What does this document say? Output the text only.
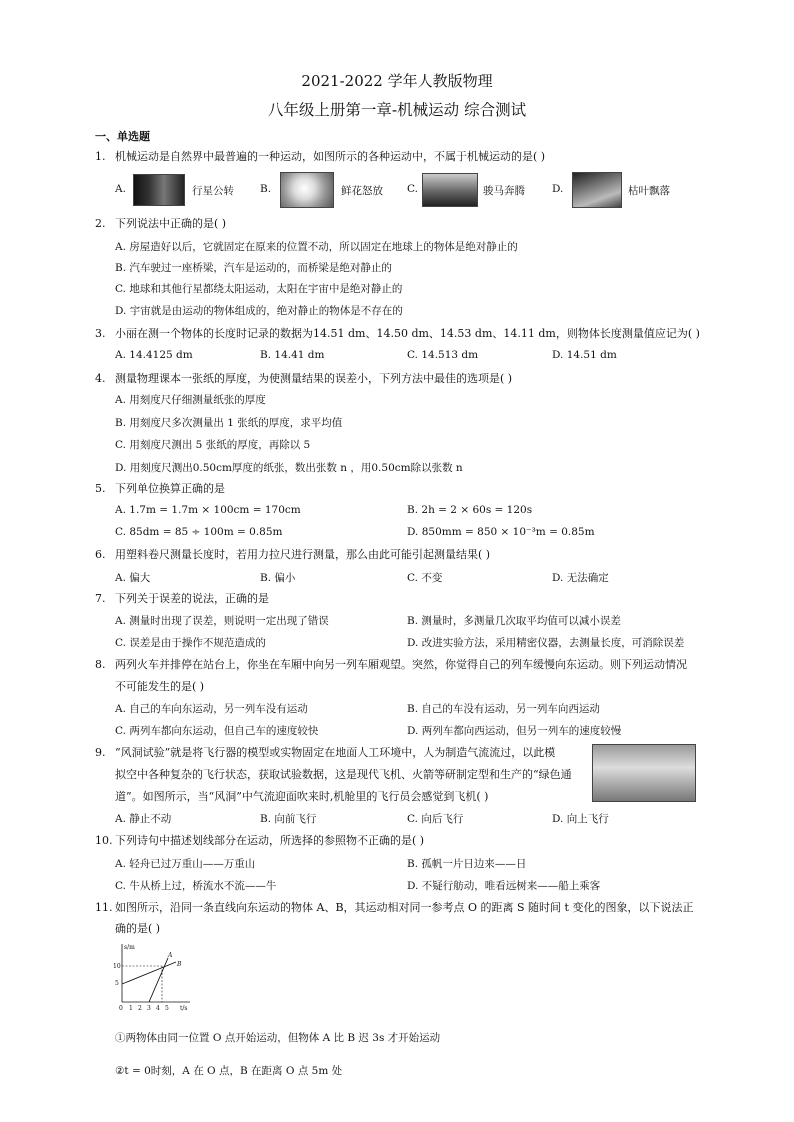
2021-2022 学年人教版物理
八年级上册第一章-机械运动 综合测试
一、单选题
1. 机械运动是自然界中最普遍的一种运动，如图所示的各种运动中，不属于机械运动的是( )
A.	行星公转 B.	鲜花怒放 C.	骏马奔腾	D.	枯叶飘落
2. 下列说法中正确的是( )
A. 房屋造好以后，它就固定在原来的位置不动，所以固定在地球上的物体是绝对静止的
B. 汽车驶过一座桥梁，汽车是运动的，而桥梁是绝对静止的
C. 地球和其他行星都绕太阳运动，太阳在宇宙中是绝对静止的
D. 宇宙就是由运动的物体组成的，绝对静止的物体是不存在的
3. 小丽在测一个物体的长度时记录的数据为14.51 dm、14.50 dm、14.53 dm、14.11 dm，则物体长度测量值应记为( )
A. 14.4125 dm	B. 14.41 dm	C. 14.513 dm	D. 14.51 dm
4. 测量物理课本一张纸的厚度，为使测量结果的误差小，下列方法中最佳的选项是( )
A. 用刻度尺仔细测量纸张的厚度
B. 用刻度尺多次测量出 1 张纸的厚度，求平均值
C. 用刻度尺测出 5 张纸的厚度，再除以 5
D. 用刻度尺测出0.50cm厚度的纸张，数出张数 n ，用0.50cm除以张数 n
5. 下列单位换算正确的是
A. 1.7m = 1.7m × 100cm = 170cm	B. 2h = 2 × 60s = 120s
C. 85dm = 85 ÷ 100m = 0.85m	D. 850mm = 850 × 10⁻³m = 0.85m
6. 用塑料卷尺测量长度时，若用力拉尺进行测量，那么由此可能引起测量结果( )
A. 偏大	B. 偏小	C. 不变	D. 无法确定
7. 下列关于误差的说法，正确的是
A. 测量时出现了误差，则说明一定出现了错误	B. 测量时，多测量几次取平均值可以减小误差
C. 误差是由于操作不规范造成的	D. 改进实验方法，采用精密仪器，去测量长度，可消除误差
8. 两列火车并排停在站台上，你坐在车厢中向另一列车厢观望。突然，你觉得自己的列车缓慢向东运动。则下列运动情况
不可能发生的是( )
A. 自己的车向东运动，另一列车没有运动	B. 自己的车没有运动，另一列车向西运动
C. 两列车都向东运动，但自己车的速度较快	D. 两列车都向西运动，但另一列车的速度较慢
9. “风洞试验”就是将飞行器的模型或实物固定在地面人工环境中，人为制造气流流过，以此模
拟空中各种复杂的飞行状态，获取试验数据，这是现代飞机、火箭等研制定型和生产的“绿色通
道”。如图所示，当“风洞”中气流迎面吹来时,机舱里的飞行员会感觉到飞机( )
A. 静止不动	B. 向前飞行	C. 向后飞行	D. 向上飞行
10. 下列诗句中描述划线部分在运动，所选择的参照物不正确的是( )
A. 轻舟已过万重山——万重山	B. 孤帆一片日边来——日
C. 牛从桥上过，桥流水不流——牛	D. 不疑行舫动，唯看远树来——船上乘客
11. 如图所示，沿同一条直线向东运动的物体 A、B，其运动相对同一参考点 O 的距离 S 随时间 t 变化的图象，以下说法正
确的是( )
s/m
t/s
10
5
0 1 2 3 4 5
A
B
①两物体由同一位置 O 点开始运动，但物体 A 比 B 迟 3s 才开始运动
②t = 0时刻，A 在 O 点，B 在距离 O 点 5m 处
